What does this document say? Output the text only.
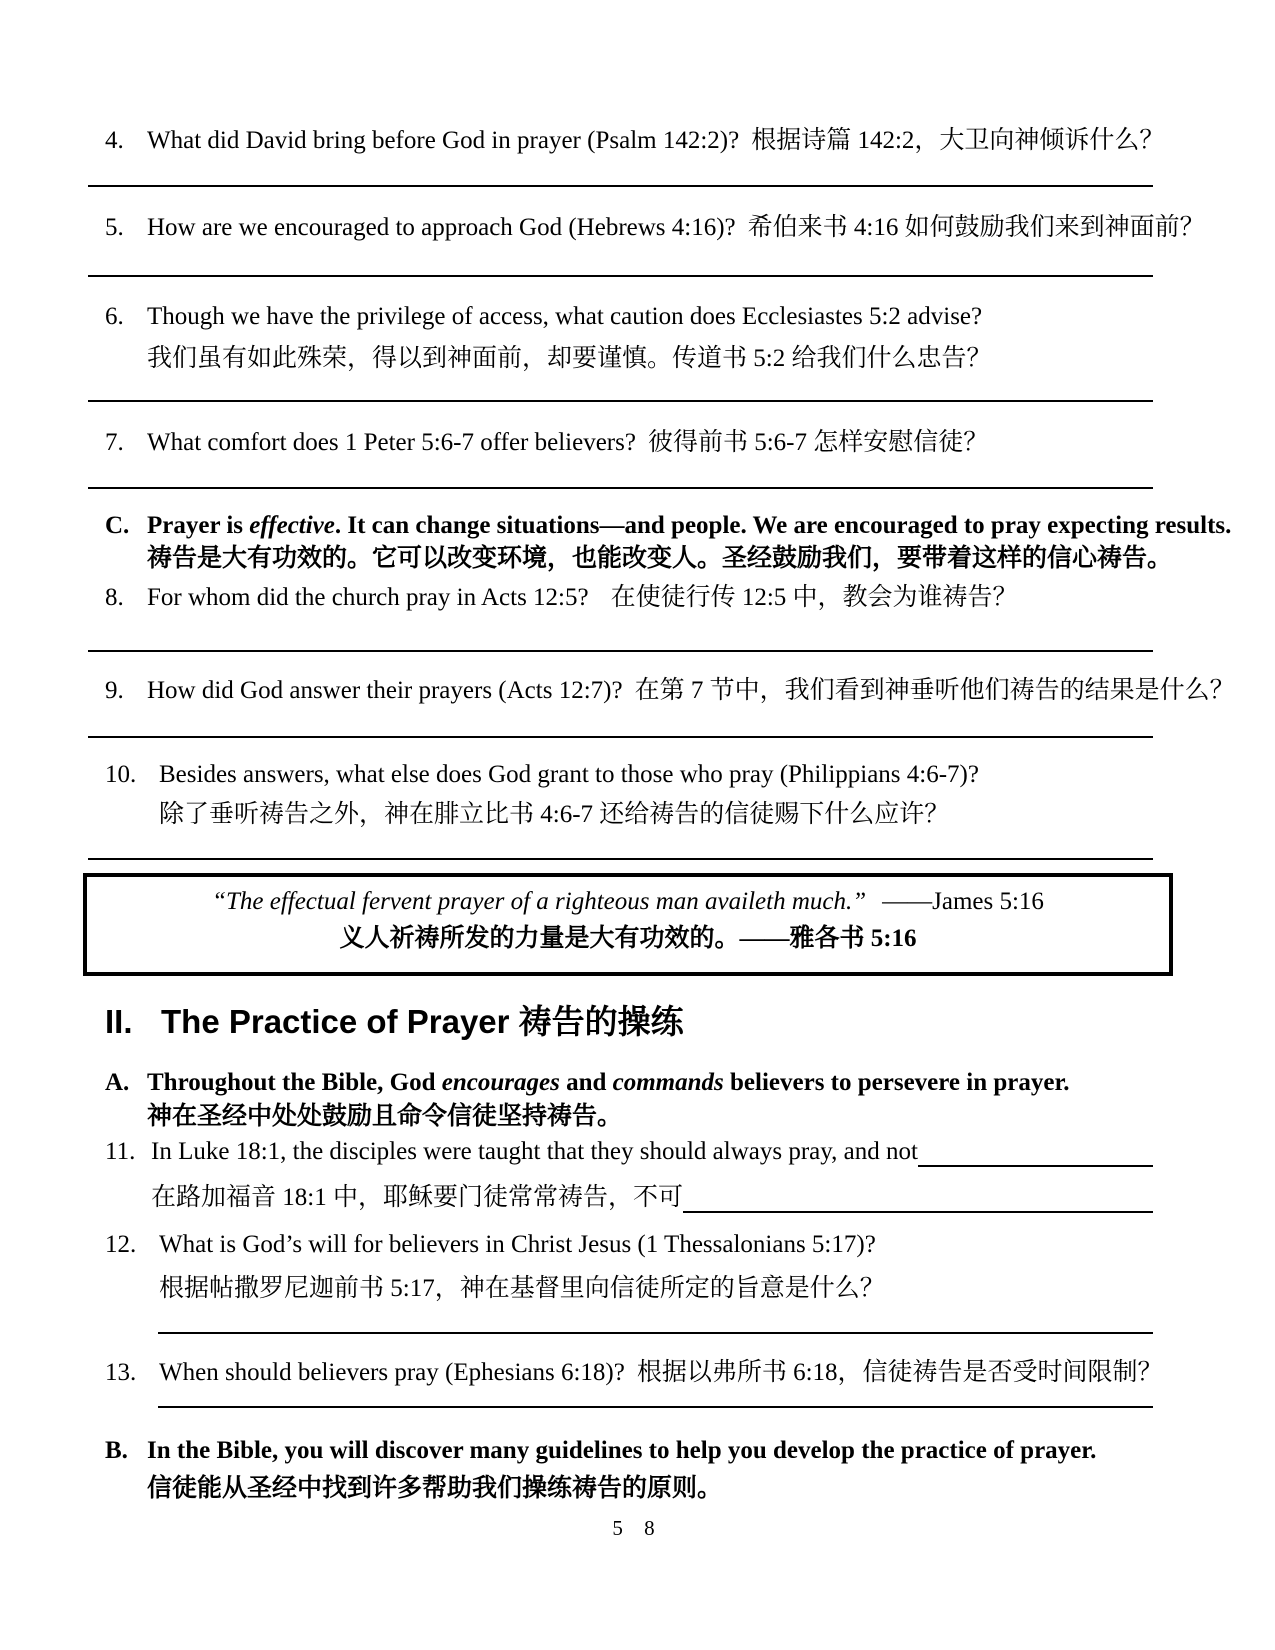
4. What did David bring before God in prayer (Psalm 142:2)? 根据诗篇 142:2，大卫向神倾诉什么？
5. How are we encouraged to approach God (Hebrews 4:16)? 希伯来书 4:16 如何鼓励我们来到神面前？
6. Though we have the privilege of access, what caution does Ecclesiastes 5:2 advise?
我们虽有如此殊荣，得以到神面前，却要谨慎。传道书 5:2 给我们什么忠告？
7. What comfort does 1 Peter 5:6-7 offer believers? 彼得前书 5:6-7 怎样安慰信徒？
C. Prayer is effective. It can change situations—and people. We are encouraged to pray expecting results.
祷告是大有功效的。它可以改变环境，也能改变人。圣经鼓励我们，要带着这样的信心祷告。
8. For whom did the church pray in Acts 12:5? 在使徒行传 12:5 中，教会为谁祷告？
9. How did God answer their prayers (Acts 12:7)? 在第 7 节中，我们看到神垂听他们祷告的结果是什么？
10. Besides answers, what else does God grant to those who pray (Philippians 4:6-7)?
除了垂听祷告之外，神在腓立比书 4:6-7 还给祷告的信徒赐下什么应许？
“The effectual fervent prayer of a righteous man availeth much.” ——James 5:16
义人祈祷所发的力量是大有功效的。——雅各书 5:16
II. The Practice of Prayer 祷告的操练
A. Throughout the Bible, God encourages and commands believers to persevere in prayer.
神在圣经中处处鼓励且命令信徒坚持祷告。
11. In Luke 18:1, the disciples were taught that they should always pray, and not
在路加福音 18:1 中，耶稣要门徒常常祷告，不可
12. What is God’s will for believers in Christ Jesus (1 Thessalonians 5:17)?
根据帖撒罗尼迦前书 5:17，神在基督里向信徒所定的旨意是什么？
13. When should believers pray (Ephesians 6:18)? 根据以弗所书 6:18，信徒祷告是否受时间限制？
B. In the Bible, you will discover many guidelines to help you develop the practice of prayer.
信徒能从圣经中找到许多帮助我们操练祷告的原则。
5 8
